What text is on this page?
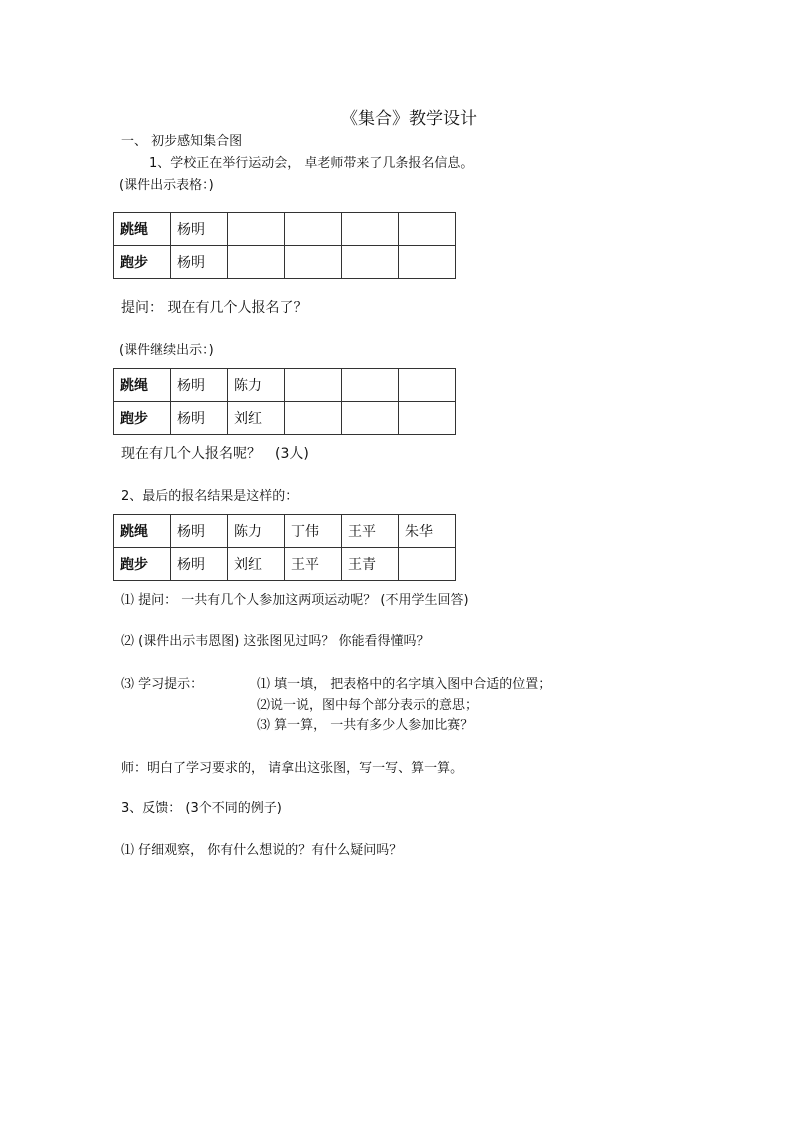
《集合》教学设计
一、 初步感知集合图
1、学校正在举行运动会， 卓老师带来了几条报名信息。
(课件出示表格：)
跳绳	杨明				
跑步	杨明				
提问： 现在有几个人报名了？
(课件继续出示：)
跳绳	杨明	陈力			
跑步	杨明	刘红			
现在有几个人报名呢？　(3人)
2、最后的报名结果是这样的：
跳绳	杨明	陈力	丁伟	王平	朱华
跑步	杨明	刘红	王平	王青	
⑴ 提问： 一共有几个人参加这两项运动呢？ (不用学生回答)
⑵ (课件出示韦恩图) 这张图见过吗？ 你能看得懂吗？
⑶ 学习提示：	⑴ 填一填， 把表格中的名字填入图中合适的位置；
⑵说一说，图中每个部分表示的意思；
⑶ 算一算， 一共有多少人参加比赛？
师：明白了学习要求的， 请拿出这张图，写一写、算一算。
3、反馈： (3个不同的例子)
⑴ 仔细观察， 你有什么想说的？有什么疑问吗？
